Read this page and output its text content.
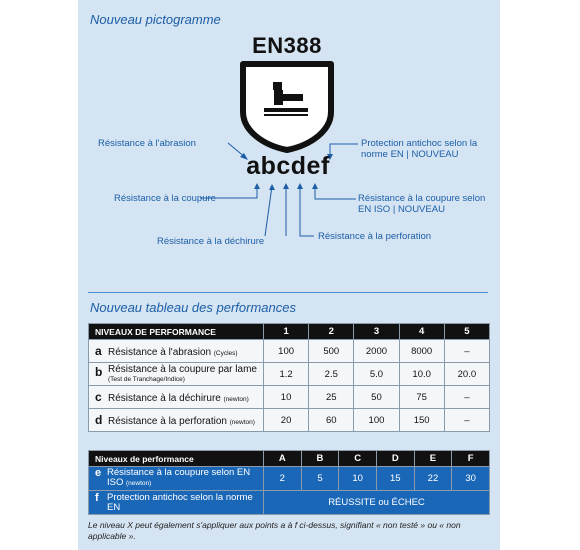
Nouveau pictogramme
EN388
abcdef
Résistance à l'abrasion
Résistance à la coupure
Résistance à la déchirure	Résistance à la perforation
Résistance à la coupure selon
EN ISO | NOUVEAU
Protection antichoc selon la
norme EN | NOUVEAU
Nouveau tableau des performances
NIVEAUX DE PERFORMANCE	1	2	3	4	5
a Résistance à l'abrasion (Cycles)	100	500	2000	8000	–
b Résistance à la coupure par lame
(Test de Tranchage/Indice)	1.2	2.5	5.0	10.0	20.0
c Résistance à la déchirure (newton)	10	25	50	75	–
d Résistance à la perforation (newton)	20	60	100	150	–
Niveaux de performance	A	B	C	D	E	F
e Résistance à la coupure selon EN ISO (newton)	2	5	10	15	22	30
f Protection antichoc selon la norme EN	RÉUSSITE ou ÉCHEC					
Le niveau X peut également s'appliquer aux points a à f ci-dessus, signifiant « non testé » ou « non applicable ».
